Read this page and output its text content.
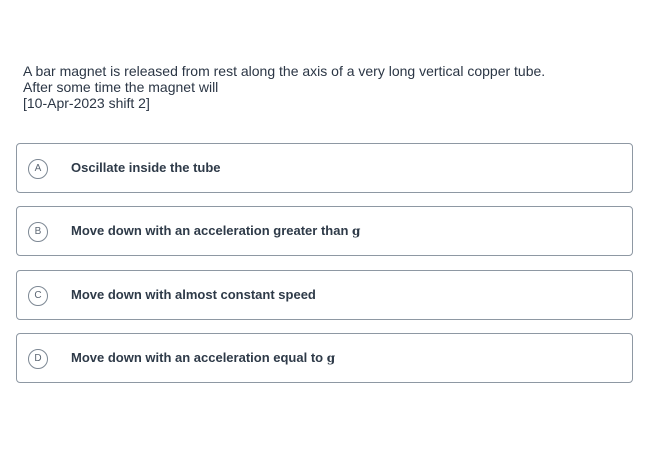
A bar magnet is released from rest along the axis of a very long vertical copper tube.
After some time the magnet will
[10-Apr-2023 shift 2]
A	Oscillate inside the tube
B	Move down with an acceleration greater than g
C	Move down with almost constant speed
D	Move down with an acceleration equal to g
